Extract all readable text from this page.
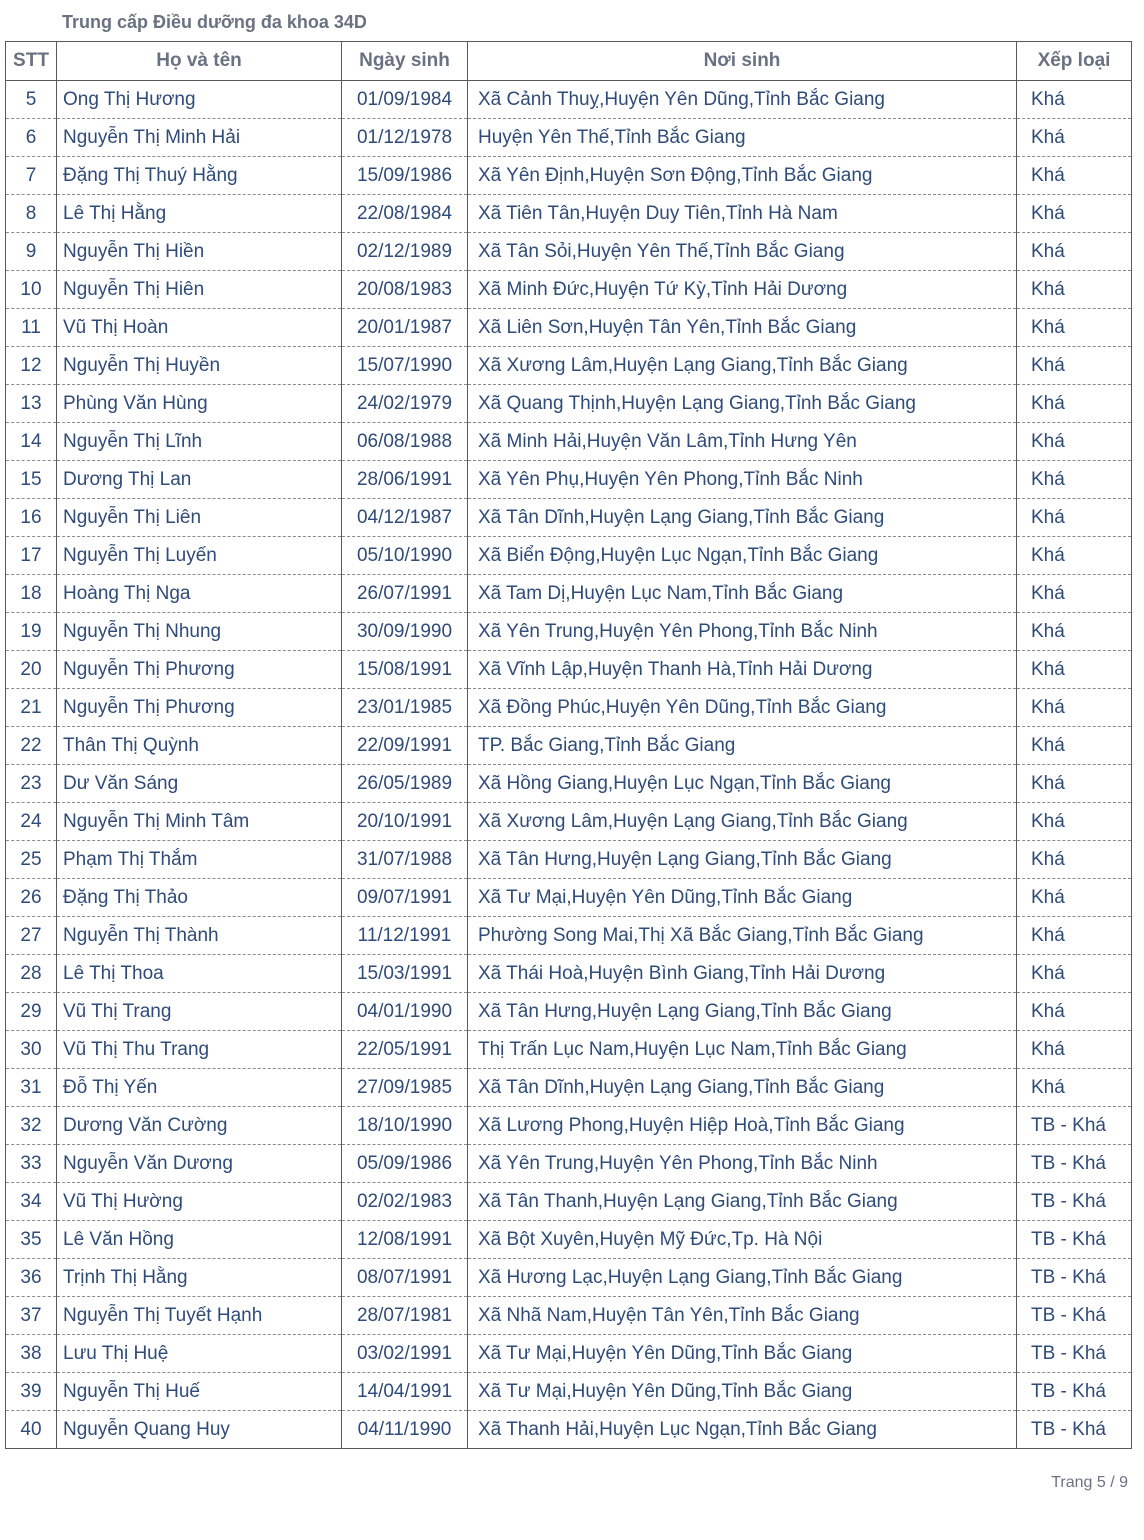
Trung cấp Điều dưỡng đa khoa 34D
STT	Họ và tên	Ngày sinh	Nơi sinh	Xếp loại
5	Ong Thị Hương	01/09/1984	Xã Cảnh Thuỵ,Huyện Yên Dũng,Tỉnh Bắc Giang	Khá
6	Nguyễn Thị Minh Hải	01/12/1978	Huyện Yên Thế,Tỉnh Bắc Giang	Khá
7	Đặng Thị Thuý Hằng	15/09/1986	Xã Yên Định,Huyện Sơn Động,Tỉnh Bắc Giang	Khá
8	Lê Thị Hằng	22/08/1984	Xã Tiên Tân,Huyện Duy Tiên,Tỉnh Hà Nam	Khá
9	Nguyễn Thị Hiền	02/12/1989	Xã Tân Sỏi,Huyện Yên Thế,Tỉnh Bắc Giang	Khá
10	Nguyễn Thị Hiên	20/08/1983	Xã Minh Đức,Huyện Tứ Kỳ,Tỉnh Hải Dương	Khá
11	Vũ Thị Hoàn	20/01/1987	Xã Liên Sơn,Huyện Tân Yên,Tỉnh Bắc Giang	Khá
12	Nguyễn Thị Huyền	15/07/1990	Xã Xương Lâm,Huyện Lạng Giang,Tỉnh Bắc Giang	Khá
13	Phùng Văn Hùng	24/02/1979	Xã Quang Thịnh,Huyện Lạng Giang,Tỉnh Bắc Giang	Khá
14	Nguyễn Thị Lĩnh	06/08/1988	Xã Minh Hải,Huyện Văn Lâm,Tỉnh Hưng Yên	Khá
15	Dương Thị Lan	28/06/1991	Xã Yên Phụ,Huyện Yên Phong,Tỉnh Bắc Ninh	Khá
16	Nguyễn Thị Liên	04/12/1987	Xã Tân Dĩnh,Huyện Lạng Giang,Tỉnh Bắc Giang	Khá
17	Nguyễn Thị Luyến	05/10/1990	Xã Biển Động,Huyện Lục Ngạn,Tỉnh Bắc Giang	Khá
18	Hoàng Thị Nga	26/07/1991	Xã Tam Dị,Huyện Lục Nam,Tỉnh Bắc Giang	Khá
19	Nguyễn Thị Nhung	30/09/1990	Xã Yên Trung,Huyện Yên Phong,Tỉnh Bắc Ninh	Khá
20	Nguyễn Thị Phương	15/08/1991	Xã Vĩnh Lập,Huyện Thanh Hà,Tỉnh Hải Dương	Khá
21	Nguyễn Thị Phương	23/01/1985	Xã Đồng Phúc,Huyện Yên Dũng,Tỉnh Bắc Giang	Khá
22	Thân Thị Quỳnh	22/09/1991	TP. Bắc Giang,Tỉnh Bắc Giang	Khá
23	Dư Văn Sáng	26/05/1989	Xã Hồng Giang,Huyện Lục Ngạn,Tỉnh Bắc Giang	Khá
24	Nguyễn Thị Minh Tâm	20/10/1991	Xã Xương Lâm,Huyện Lạng Giang,Tỉnh Bắc Giang	Khá
25	Phạm Thị Thắm	31/07/1988	Xã Tân Hưng,Huyện Lạng Giang,Tỉnh Bắc Giang	Khá
26	Đặng Thị Thảo	09/07/1991	Xã Tư Mại,Huyện Yên Dũng,Tỉnh Bắc Giang	Khá
27	Nguyễn Thị Thành	11/12/1991	Phường Song Mai,Thị Xã Bắc Giang,Tỉnh Bắc Giang	Khá
28	Lê Thị Thoa	15/03/1991	Xã Thái Hoà,Huyện Bình Giang,Tỉnh Hải Dương	Khá
29	Vũ Thị Trang	04/01/1990	Xã Tân Hưng,Huyện Lạng Giang,Tỉnh Bắc Giang	Khá
30	Vũ Thị Thu Trang	22/05/1991	Thị Trấn Lục Nam,Huyện Lục Nam,Tỉnh Bắc Giang	Khá
31	Đỗ Thị Yến	27/09/1985	Xã Tân Dĩnh,Huyện Lạng Giang,Tỉnh Bắc Giang	Khá
32	Dương Văn Cường	18/10/1990	Xã Lương Phong,Huyện Hiệp Hoà,Tỉnh Bắc Giang	TB - Khá
33	Nguyễn Văn Dương	05/09/1986	Xã Yên Trung,Huyện Yên Phong,Tỉnh Bắc Ninh	TB - Khá
34	Vũ Thị Hường	02/02/1983	Xã Tân Thanh,Huyện Lạng Giang,Tỉnh Bắc Giang	TB - Khá
35	Lê Văn Hồng	12/08/1991	Xã Bột Xuyên,Huyện Mỹ Đức,Tp. Hà Nội	TB - Khá
36	Trịnh Thị Hằng	08/07/1991	Xã Hương Lạc,Huyện Lạng Giang,Tỉnh Bắc Giang	TB - Khá
37	Nguyễn Thị Tuyết Hạnh	28/07/1981	Xã Nhã Nam,Huyện Tân Yên,Tỉnh Bắc Giang	TB - Khá
38	Lưu Thị Huệ	03/02/1991	Xã Tư Mại,Huyện Yên Dũng,Tỉnh Bắc Giang	TB - Khá
39	Nguyễn Thị Huế	14/04/1991	Xã Tư Mại,Huyện Yên Dũng,Tỉnh Bắc Giang	TB - Khá
40	Nguyễn Quang Huy	04/11/1990	Xã Thanh Hải,Huyện Lục Ngạn,Tỉnh Bắc Giang	TB - Khá
Trang 5 / 9
